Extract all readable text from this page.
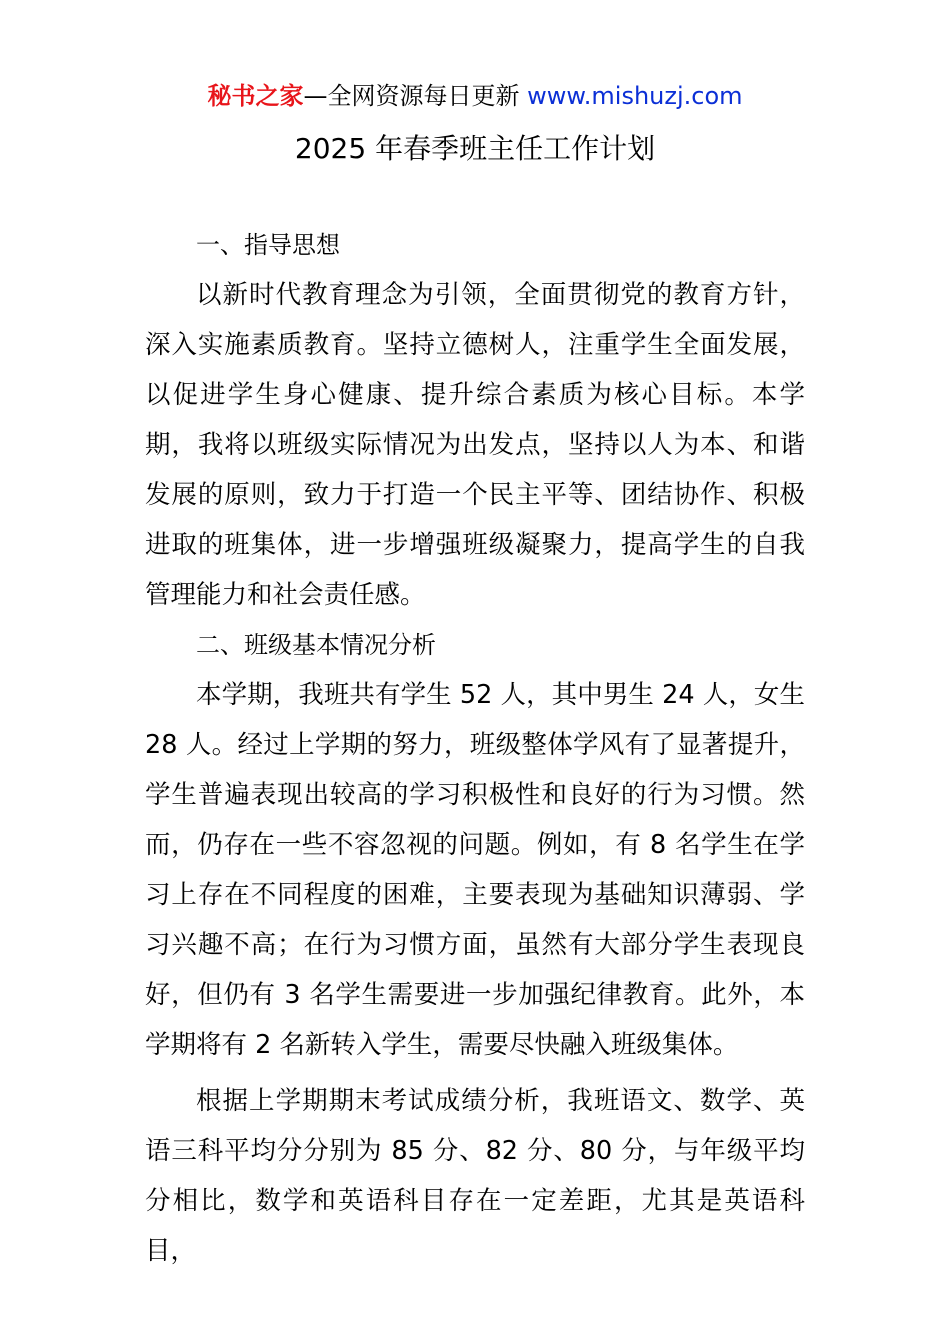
秘书之家—全网资源每日更新 www.mishuzj.com
2025 年春季班主任工作计划

一、指导思想

以新时代教育理念为引领，全面贯彻党的教育方针，深入实施素质教育。坚持立德树人，注重学生全面发展，以促进学生身心健康、提升综合素质为核心目标。本学期，我将以班级实际情况为出发点，坚持以人为本、和谐发展的原则，致力于打造一个民主平等、团结协作、积极进取的班集体，进一步增强班级凝聚力，提高学生的自我管理能力和社会责任感。

二、班级基本情况分析

本学期，我班共有学生 52 人，其中男生 24 人，女生 28 人。经过上学期的努力，班级整体学风有了显著提升，学生普遍表现出较高的学习积极性和良好的行为习惯。然而，仍存在一些不容忽视的问题。例如，有 8 名学生在学习上存在不同程度的困难，主要表现为基础知识薄弱、学习兴趣不高；在行为习惯方面，虽然有大部分学生表现良好，但仍有 3 名学生需要进一步加强纪律教育。此外，本学期将有 2 名新转入学生，需要尽快融入班级集体。

根据上学期期末考试成绩分析，我班语文、数学、英语三科平均分分别为 85 分、82 分、80 分，与年级平均分相比，数学和英语科目存在一定差距，尤其是英语科目，
